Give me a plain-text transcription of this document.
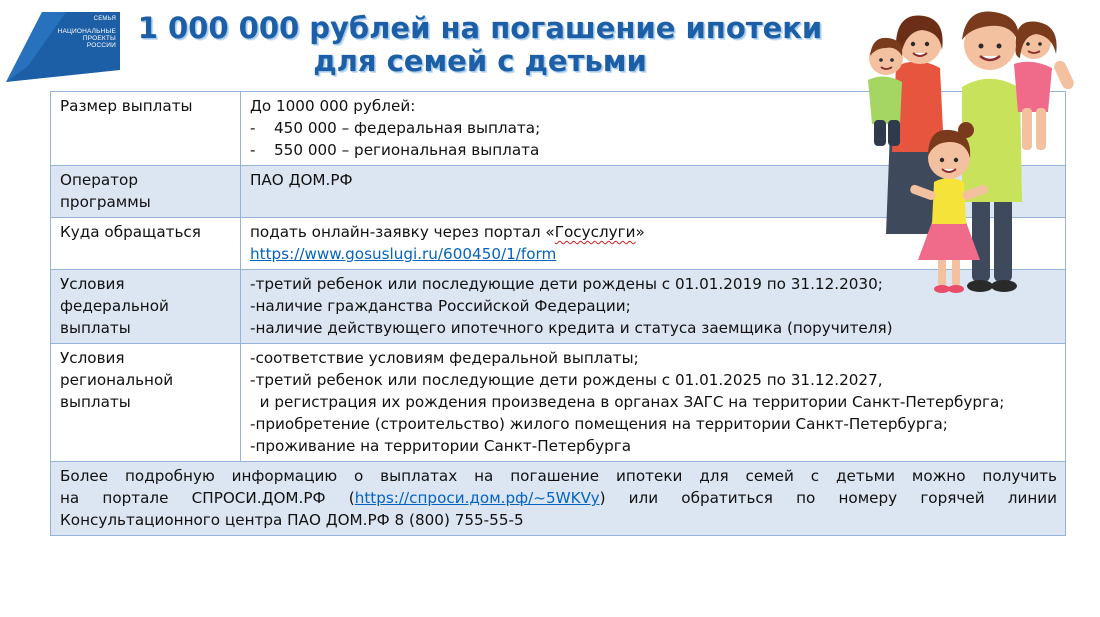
СЕМЬЯ
НАЦИОНАЛЬНЫЕ
ПРОЕКТЫ
РОССИИ
1 000 000 рублей на погашение ипотеки
для семей с детьми
Размер выплаты	До 1000 000 рублей:
- 450 000 – федеральная выплата;
- 550 000 – региональная выплата

Оператор программы	ПАО ДОМ.РФ

Куда обращаться	подать онлайн-заявку через портал «Госуслуги»
https://www.gosuslugi.ru/600450/1/form

Условия федеральной выплаты	-третий ребенок или последующие дети рождены с 01.01.2019 по 31.12.2030;
-наличие гражданства Российской Федерации;
-наличие действующего ипотечного кредита и статуса заемщика (поручителя)

Условия региональной выплаты	-соответствие условиям федеральной выплаты;
-третий ребенок или последующие дети рождены с 01.01.2025 по 31.12.2027,
и регистрация их рождения произведена в органах ЗАГС на территории Санкт-Петербурга;
-приобретение (строительство) жилого помещения на территории Санкт-Петербурга;
-проживание на территории Санкт-Петербурга

Более подробную информацию о выплатах на погашение ипотеки для семей с детьми можно получить
на портале СПРОСИ.ДОМ.РФ (https://спроси.дом.рф/~5WKVy) или обратиться по номеру горячей линии
Консультационного центра ПАО ДОМ.РФ 8 (800) 755-55-5	
